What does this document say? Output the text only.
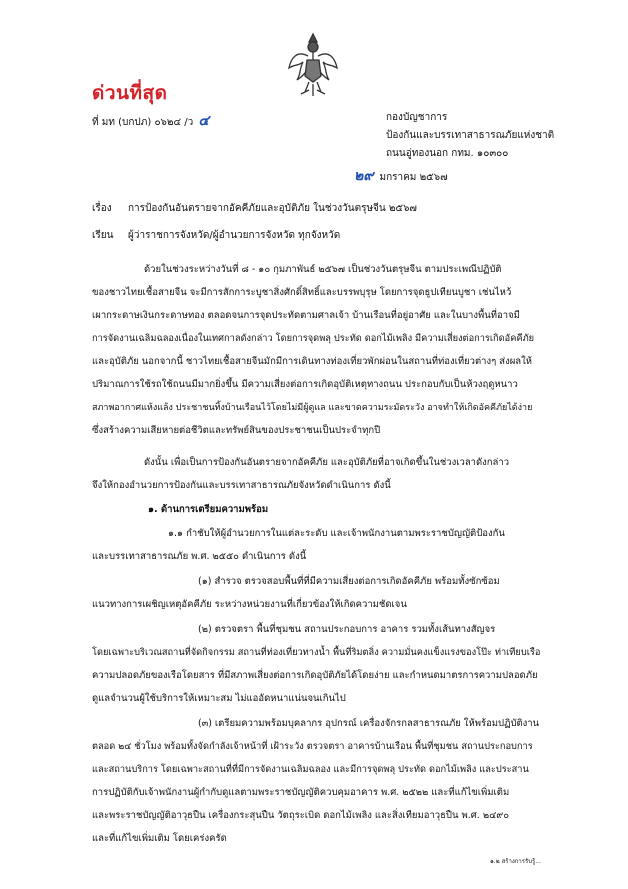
ด่วนที่สุด
ที่ มท (บกปภ) ๐๖๒๔ /ว ๔	กองบัญชาการ
ป้องกันและบรรเทาสาธารณภัยแห่งชาติ
ถนนอู่ทองนอก กทม. ๑๐๓๐๐
๒๙ มกราคม ๒๕๖๗
เรื่อง การป้องกันอันตรายจากอัคคีภัยและอุบัติภัย ในช่วงวันตรุษจีน ๒๕๖๗
เรียน ผู้ว่าราชการจังหวัด/ผู้อำนวยการจังหวัด ทุกจังหวัด
ด้วยในช่วงระหว่างวันที่ ๘ - ๑๐ กุมภาพันธ์ ๒๕๖๗ เป็นช่วงวันตรุษจีน ตามประเพณีปฏิบัติ
ของชาวไทยเชื้อสายจีน จะมีการสักการะบูชาสิ่งศักดิ์สิทธิ์และบรรพบุรุษ โดยการจุดธูปเทียนบูชา เช่นไหว้
เผากระดาษเงินกระดาษทอง ตลอดจนการจุดประทัดตามศาลเจ้า บ้านเรือนที่อยู่อาศัย และในบางพื้นที่อาจมี
การจัดงานเฉลิมฉลองเนื่องในเทศกาลดังกล่าว โดยการจุดพลุ ประทัด ดอกไม้เพลิง มีความเสี่ยงต่อการเกิดอัคคีภัย
และอุบัติภัย นอกจากนี้ ชาวไทยเชื้อสายจีนมักมีการเดินทางท่องเที่ยวพักผ่อนในสถานที่ท่องเที่ยวต่างๆ ส่งผลให้
ปริมาณการใช้รถใช้ถนนมีมากยิ่งขึ้น มีความเสี่ยงต่อการเกิดอุบัติเหตุทางถนน ประกอบกับเป็นห้วงฤดูหนาว
สภาพอากาศแห้งแล้ง ประชาชนทิ้งบ้านเรือนไว้โดยไม่มีผู้ดูแล และขาดความระมัดระวัง อาจทำให้เกิดอัคคีภัยได้ง่าย
ซึ่งสร้างความเสียหายต่อชีวิตและทรัพย์สินของประชาชนเป็นประจำทุกปี
ดังนั้น เพื่อเป็นการป้องกันอันตรายจากอัคคีภัย และอุบัติภัยที่อาจเกิดขึ้นในช่วงเวลาดังกล่าว
จึงให้กองอำนวยการป้องกันและบรรเทาสาธารณภัยจังหวัดดำเนินการ ดังนี้
๑. ด้านการเตรียมความพร้อม
๑.๑ กำชับให้ผู้อำนวยการในแต่ละระดับ และเจ้าพนักงานตามพระราชบัญญัติป้องกัน
และบรรเทาสาธารณภัย พ.ศ. ๒๕๕๐ ดำเนินการ ดังนี้
(๑) สำรวจ ตรวจสอบพื้นที่ที่มีความเสี่ยงต่อการเกิดอัคคีภัย พร้อมทั้งซักซ้อม
แนวทางการเผชิญเหตุอัคคีภัย ระหว่างหน่วยงานที่เกี่ยวข้องให้เกิดความชัดเจน
(๒) ตรวจตรา พื้นที่ชุมชน สถานประกอบการ อาคาร รวมทั้งเส้นทางสัญจร
โดยเฉพาะบริเวณสถานที่จัดกิจกรรม สถานที่ท่องเที่ยวทางน้ำ พื้นที่ริมตลิ่ง ความมั่นคงแข็งแรงของโป๊ะ ท่าเทียบเรือ
ความปลอดภัยของเรือโดยสาร ที่มีสภาพเสี่ยงต่อการเกิดอุบัติภัยได้โดยง่าย และกำหนดมาตรการความปลอดภัย
ดูแลจำนวนผู้ใช้บริการให้เหมาะสม ไม่แออัดหนาแน่นจนเกินไป
(๓) เตรียมความพร้อมบุคลากร อุปกรณ์ เครื่องจักรกลสาธารณภัย ให้พร้อมปฏิบัติงาน
ตลอด ๒๔ ชั่วโมง พร้อมทั้งจัดกำลังเจ้าหน้าที่ เฝ้าระวัง ตรวจตรา อาคารบ้านเรือน พื้นที่ชุมชน สถานประกอบการ
และสถานบริการ โดยเฉพาะสถานที่ที่มีการจัดงานเฉลิมฉลอง และมีการจุดพลุ ประทัด ดอกไม้เพลิง และประสาน
การปฏิบัติกับเจ้าพนักงานผู้กำกับดูแลตามพระราชบัญญัติควบคุมอาคาร พ.ศ. ๒๕๒๒ และที่แก้ไขเพิ่มเติม
และพระราชบัญญัติอาวุธปืน เครื่องกระสุนปืน วัตถุระเบิด ดอกไม้เพลิง และสิ่งเทียมอาวุธปืน พ.ศ. ๒๔๙๐
และที่แก้ไขเพิ่มเติม โดยเคร่งครัด
๑.๒ สร้างการรับรู้...
